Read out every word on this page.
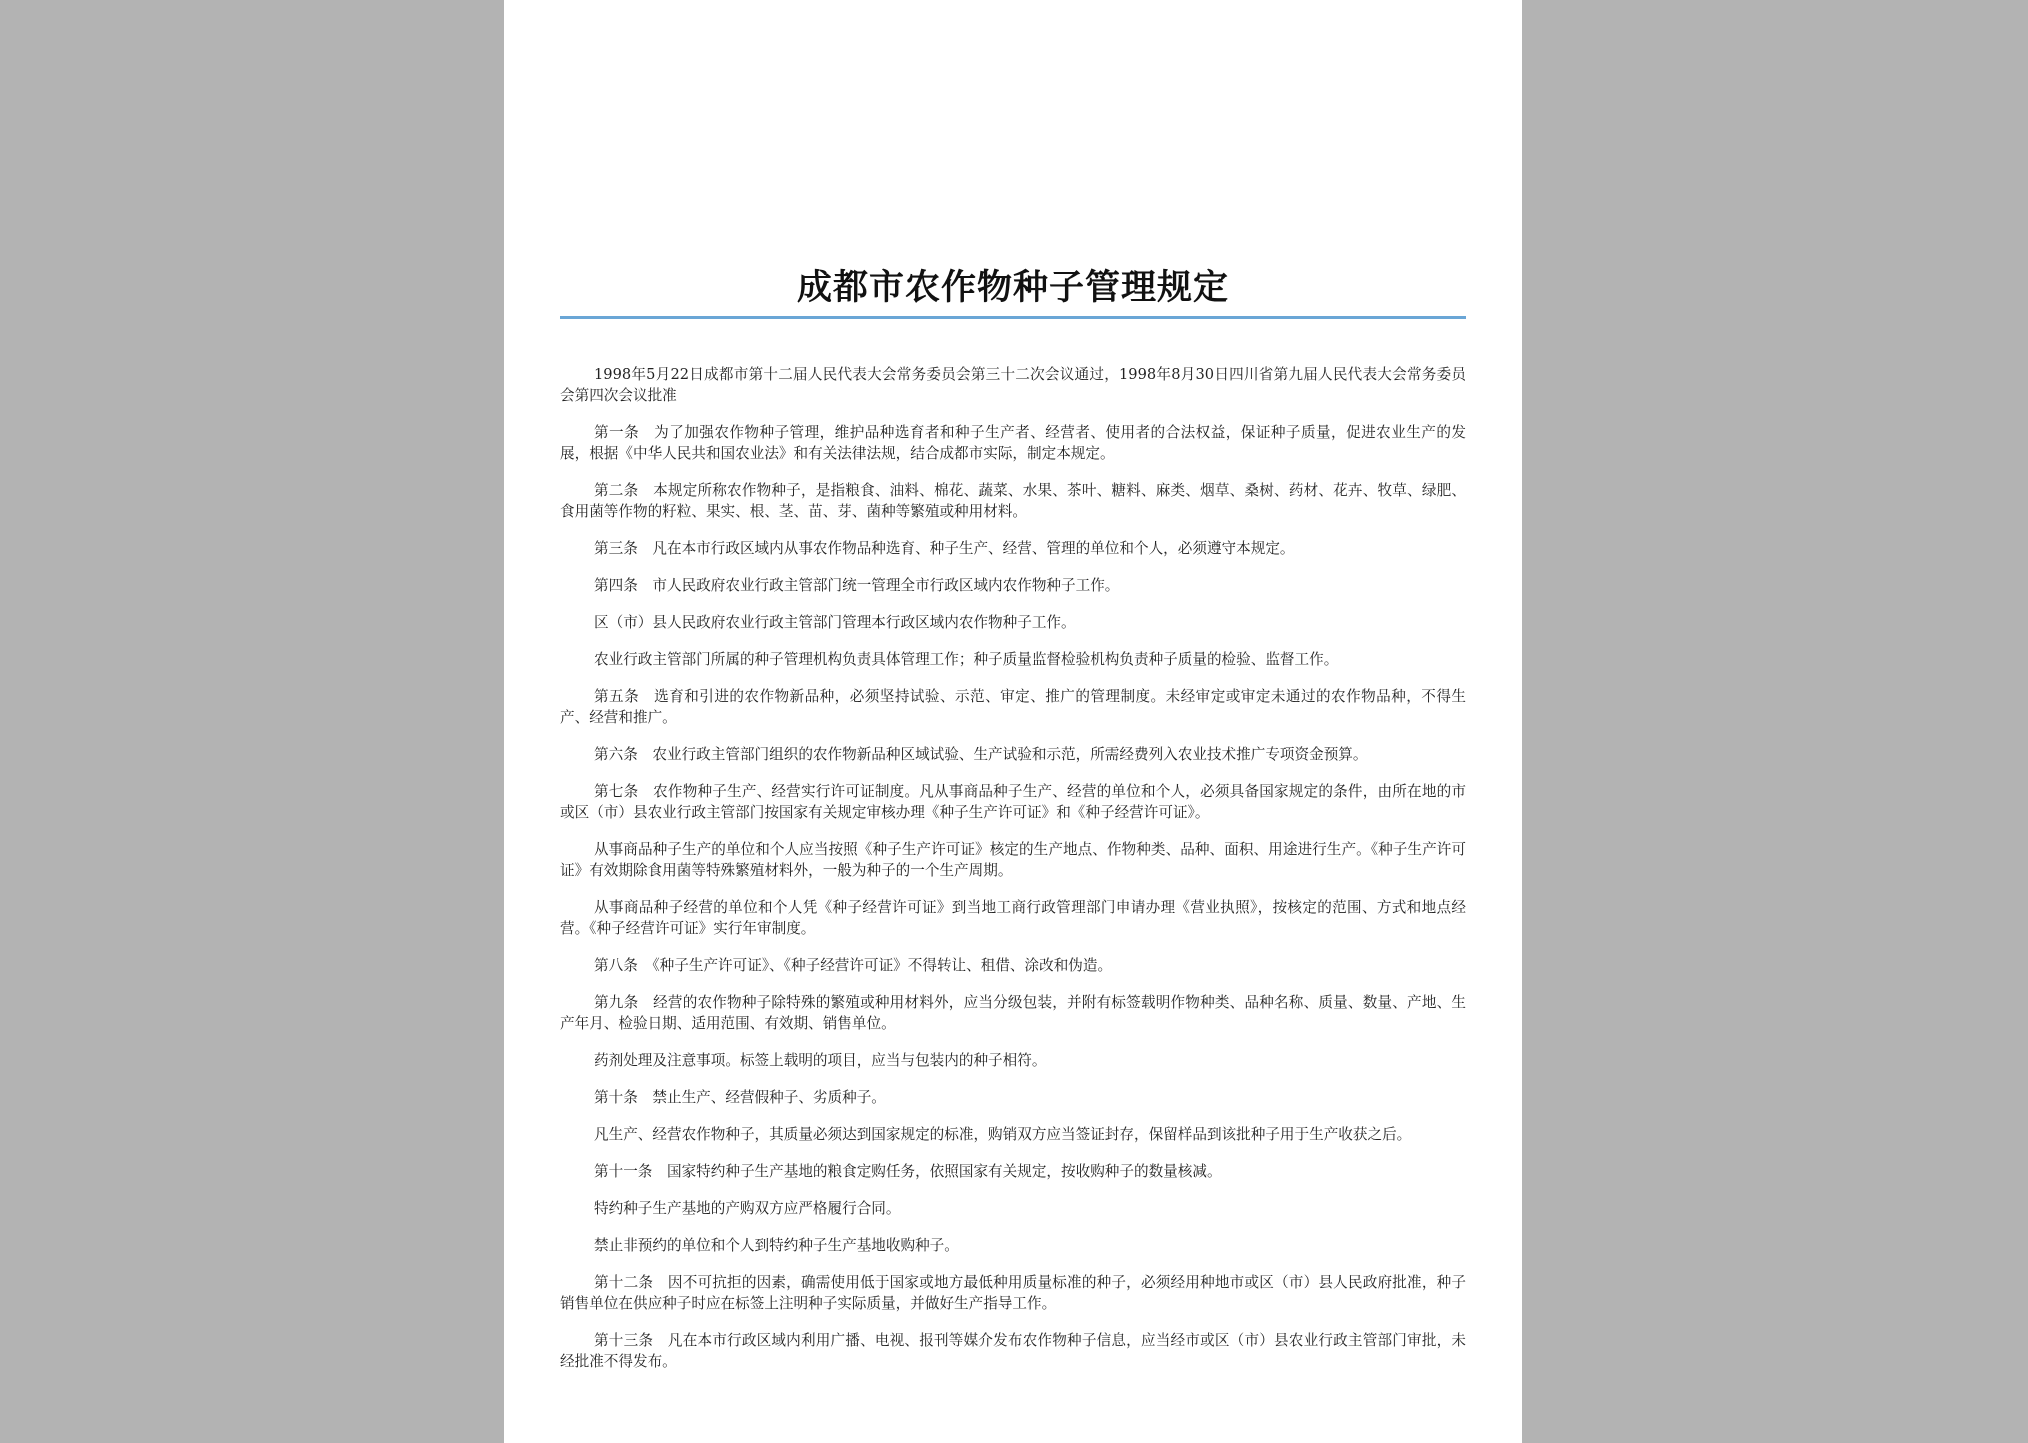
成都市农作物种子管理规定

1998年5月22日成都市第十二届人民代表大会常务委员会第三十二次会议通过，1998年8月30日四川省第九届人民代表大会常务委员会第四次会议批准

第一条　为了加强农作物种子管理，维护品种选育者和种子生产者、经营者、使用者的合法权益，保证种子质量，促进农业生产的发展，根据《中华人民共和国农业法》和有关法律法规，结合成都市实际，制定本规定。

第二条　本规定所称农作物种子，是指粮食、油料、棉花、蔬菜、水果、茶叶、糖料、麻类、烟草、桑树、药材、花卉、牧草、绿肥、食用菌等作物的籽粒、果实、根、茎、苗、芽、菌种等繁殖或种用材料。

第三条　凡在本市行政区域内从事农作物品种选育、种子生产、经营、管理的单位和个人，必须遵守本规定。

第四条　市人民政府农业行政主管部门统一管理全市行政区域内农作物种子工作。

区（市）县人民政府农业行政主管部门管理本行政区域内农作物种子工作。

农业行政主管部门所属的种子管理机构负责具体管理工作；种子质量监督检验机构负责种子质量的检验、监督工作。

第五条　选育和引进的农作物新品种，必须坚持试验、示范、审定、推广的管理制度。未经审定或审定未通过的农作物品种，不得生产、经营和推广。

第六条　农业行政主管部门组织的农作物新品种区域试验、生产试验和示范，所需经费列入农业技术推广专项资金预算。

第七条　农作物种子生产、经营实行许可证制度。凡从事商品种子生产、经营的单位和个人，必须具备国家规定的条件，由所在地的市或区（市）县农业行政主管部门按国家有关规定审核办理《种子生产许可证》和《种子经营许可证》。

从事商品种子生产的单位和个人应当按照《种子生产许可证》核定的生产地点、作物种类、品种、面积、用途进行生产。《种子生产许可证》有效期除食用菌等特殊繁殖材料外，一般为种子的一个生产周期。

从事商品种子经营的单位和个人凭《种子经营许可证》到当地工商行政管理部门申请办理《营业执照》，按核定的范围、方式和地点经营。《种子经营许可证》实行年审制度。

第八条　《种子生产许可证》、《种子经营许可证》不得转让、租借、涂改和伪造。

第九条　经营的农作物种子除特殊的繁殖或种用材料外，应当分级包装，并附有标签载明作物种类、品种名称、质量、数量、产地、生产年月、检验日期、适用范围、有效期、销售单位。

药剂处理及注意事项。标签上载明的项目，应当与包装内的种子相符。

第十条　禁止生产、经营假种子、劣质种子。

凡生产、经营农作物种子，其质量必须达到国家规定的标准，购销双方应当签证封存，保留样品到该批种子用于生产收获之后。

第十一条　国家特约种子生产基地的粮食定购任务，依照国家有关规定，按收购种子的数量核减。

特约种子生产基地的产购双方应严格履行合同。

禁止非预约的单位和个人到特约种子生产基地收购种子。

第十二条　因不可抗拒的因素，确需使用低于国家或地方最低种用质量标准的种子，必须经用种地市或区（市）县人民政府批准，种子销售单位在供应种子时应在标签上注明种子实际质量，并做好生产指导工作。

第十三条　凡在本市行政区域内利用广播、电视、报刊等媒介发布农作物种子信息，应当经市或区（市）县农业行政主管部门审批，未经批准不得发布。
